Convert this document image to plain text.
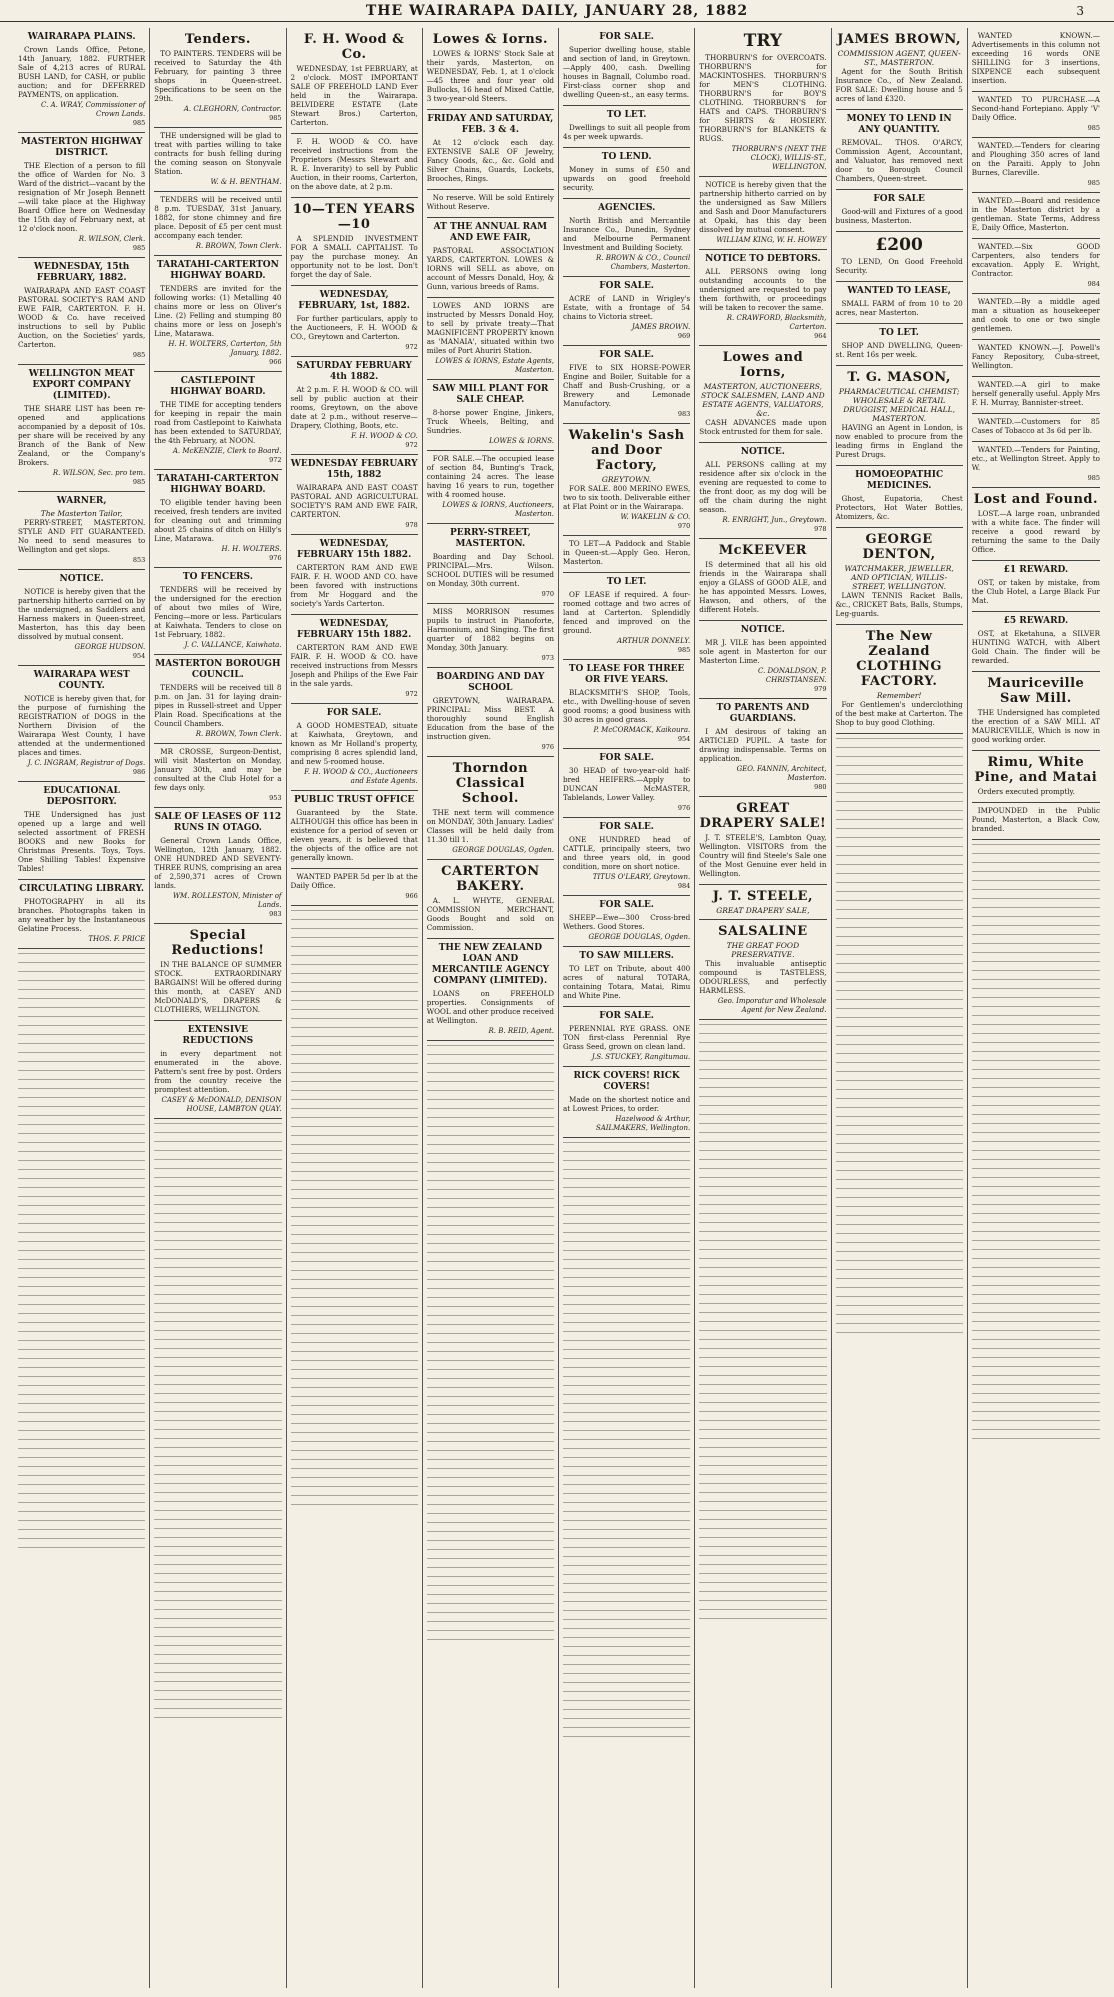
THE WAIRARAPA DAILY, JANUARY 28, 1882	3
WAIRARAPA PLAINS.

Crown Lands Office, Petone, 14th January, 1882. FURTHER Sale of 4,213 acres of RURAL BUSH LAND, for CASH, or public auction; and for DEFERRED PAYMENTS, on application.

C. A. WRAY, Commissioner of Crown Lands.
985
MASTERTON HIGHWAY DISTRICT.

THE Election of a person to fill the office of Warden for No. 3 Ward of the district—vacant by the resignation of Mr Joseph Bennett—will take place at the Highway Board Office here on Wednesday the 15th day of February next, at 12 o'clock noon.

R. WILSON, Clerk.
985
WEDNESDAY, 15th FEBRUARY, 1882.

WAIRARAPA AND EAST COAST PASTORAL SOCIETY'S RAM AND EWE FAIR, CARTERTON. F. H. WOOD & Co. have received instructions to sell by Public Auction, on the Societies' yards, Carterton.

985
WELLINGTON MEAT EXPORT COMPANY (LIMITED).

THE SHARE LIST has been re-opened and applications accompanied by a deposit of 10s. per share will be received by any Branch of the Bank of New Zealand, or the Company's Brokers.

R. WILSON, Sec. pro tem.
985
WARNER,
The Masterton Tailor,

PERRY-STREET, MASTERTON. STYLE AND FIT GUARANTEED. No need to send measures to Wellington and get slops.

853
NOTICE.

NOTICE is hereby given that the partnership hitherto carried on by the undersigned, as Saddlers and Harness makers in Queen-street, Masterton, has this day been dissolved by mutual consent.

GEORGE HUDSON.
954
WAIRARAPA WEST COUNTY.

NOTICE is hereby given that, for the purpose of furnishing the REGISTRATION of DOGS in the Northern Division of the Wairarapa West County, I have attended at the undermentioned places and times.

J. C. INGRAM, Registrar of Dogs.
986
EDUCATIONAL DEPOSITORY.

THE Undersigned has just opened up a large and well selected assortment of FRESH BOOKS and new Books for Christmas Presents. Toys, Toys. One Shilling Tables! Expensive Tables!

CIRCULATING LIBRARY.

PHOTOGRAPHY in all its branches. Photographs taken in any weather by the Instantaneous Gelatine Process.

THOS. F. PRICE
Tenders.

TO PAINTERS. TENDERS will be received to Saturday the 4th February, for painting 3 three shops in Queen-street. Specifications to be seen on the 29th.

A. CLEGHORN, Contractor.
985

THE undersigned will be glad to treat with parties willing to take contracts for bush felling during the coming season on Stonyvale Station.

W. & H. BENTHAM.

TENDERS will be received until 8 p.m. TUESDAY, 31st January, 1882, for stone chimney and fire place. Deposit of £5 per cent must accompany each tender.

R. BROWN, Town Clerk.
TARATAHI-CARTERTON HIGHWAY BOARD.

TENDERS are invited for the following works: (1) Metalling 40 chains more or less on Oliver's Line. (2) Felling and stumping 80 chains more or less on Joseph's Line, Matarawa.

H. H. WOLTERS, Carterton, 5th January, 1882.
966
CASTLEPOINT HIGHWAY BOARD.

THE TIME for accepting tenders for keeping in repair the main road from Castlepoint to Kaiwhata has been extended to SATURDAY, the 4th February, at NOON.

A. McKENZIE, Clerk to Board.
972
TARATAHI-CARTERTON HIGHWAY BOARD.

TO eligible tender having been received, fresh tenders are invited for cleaning out and trimming about 25 chains of ditch on Hilly's Line, Matarawa.

H. H. WOLTERS.
976
TO FENCERS.

TENDERS will be received by the undersigned for the erection of about two miles of Wire, Fencing—more or less. Particulars at Kaiwhata. Tenders to close on 1st February, 1882.

J. C. VALLANCE, Kaiwhata.
MASTERTON BOROUGH COUNCIL.

TENDERS will be received till 8 p.m. on Jan. 31 for laying drain-pipes in Russell-street and Upper Plain Road. Specifications at the Council Chambers.

R. BROWN, Town Clerk.

MR CROSSE, Surgeon-Dentist, will visit Masterton on Monday, January 30th, and may be consulted at the Club Hotel for a few days only.

953
SALE OF LEASES OF 112 RUNS IN OTAGO.

General Crown Lands Office, Wellington, 12th January, 1882. ONE HUNDRED AND SEVENTY-THREE RUNS, comprising an area of 2,590,371 acres of Crown lands.

WM. ROLLESTON, Minister of Lands.
983
Special Reductions!

IN THE BALANCE OF SUMMER STOCK. EXTRAORDINARY BARGAINS! Will be offered during this month, at CASEY AND McDONALD'S, DRAPERS & CLOTHIERS, WELLINGTON.

EXTENSIVE REDUCTIONS

in every department not enumerated in the above. Pattern's sent free by post. Orders from the country receive the promptest attention.

CASEY & McDONALD, DENISON HOUSE, LAMBTON QUAY.
F. H. Wood & Co.

WEDNESDAY, 1st FEBRUARY, at 2 o'clock. MOST IMPORTANT SALE OF FREEHOLD LAND Ever held in the Wairarapa. BELVIDERE ESTATE (Late Stewart Bros.) Carterton, Carterton.

F. H. WOOD & CO. have received instructions from the Proprietors (Messrs Stewart and R. E. Inverarity) to sell by Public Auction, in their rooms, Carterton, on the above date, at 2 p.m.

10—TEN YEARS—10

A SPLENDID INVESTMENT FOR A SMALL CAPITALIST. To pay the purchase money. An opportunity not to be lost. Don't forget the day of Sale.

WEDNESDAY, FEBRUARY, 1st, 1882.

For further particulars, apply to the Auctioneers, F. H. WOOD & CO., Greytown and Carterton.

972
SATURDAY FEBRUARY 4th 1882.

At 2 p.m. F. H. WOOD & CO. will sell by public auction at their rooms, Greytown, on the above date at 2 p.m., without reserve—Drapery, Clothing, Boots, etc.

F. H. WOOD & CO.
972
WEDNESDAY FEBRUARY 15th, 1882

WAIRARAPA AND EAST COAST PASTORAL AND AGRICULTURAL SOCIETY'S RAM AND EWE FAIR, CARTERTON.

978
WEDNESDAY, FEBRUARY 15th 1882.

CARTERTON RAM AND EWE FAIR. F. H. WOOD AND CO. have been favored with instructions from Mr Hoggard and the society's Yards Carterton.

WEDNESDAY, FEBRUARY 15th 1882.

CARTERTON RAM AND EWE FAIR. F. H. WOOD & CO. have received instructions from Messrs Joseph and Philips of the Ewe Fair in the sale yards.

972
FOR SALE.

A GOOD HOMESTEAD, situate at Kaiwhata, Greytown, and known as Mr Holland's property, comprising 8 acres splendid land, and new 5-roomed house.

F. H. WOOD & CO., Auctioneers and Estate Agents.
PUBLIC TRUST OFFICE

Guaranteed by the State. ALTHOUGH this office has been in existence for a period of seven or eleven years, it is believed that the objects of the office are not generally known.

WANTED PAPER 5d per lb at the Daily Office.

966
Lowes & Iorns.

LOWES & IORNS' Stock Sale at their yards, Masterton, on WEDNESDAY, Feb. 1, at 1 o'clock—45 three and four year old Bullocks, 16 head of Mixed Cattle, 3 two-year-old Steers.

FRIDAY AND SATURDAY, FEB. 3 & 4.

At 12 o'clock each day. EXTENSIVE SALE OF Jewelry, Fancy Goods, &c., &c. Gold and Silver Chains, Guards, Lockets, Brooches, Rings.

No reserve. Will be sold Entirely Without Reserve.

AT THE ANNUAL RAM AND EWE FAIR,

PASTORAL ASSOCIATION YARDS, CARTERTON. LOWES & IORNS will SELL as above, on account of Messrs Donald, Hoy, & Gunn, various breeds of Rams.

LOWES AND IORNS are instructed by Messrs Donald Hoy, to sell by private treaty—That MAGNIFICENT PROPERTY known as 'MANAIA', situated within two miles of Port Ahuriri Station.

LOWES & IORNS, Estate Agents, Masterton.
SAW MILL PLANT FOR SALE CHEAP.

8-horse power Engine, Jinkers, Truck Wheels, Belting, and Sundries.

LOWES & IORNS.

FOR SALE.—The occupied lease of section 84, Bunting's Track, containing 24 acres. The lease having 16 years to run, together with 4 roomed house.

LOWES & IORNS, Auctioneers, Masterton.
PERRY-STREET, MASTERTON.

Boarding and Day School. PRINCIPAL—Mrs. Wilson. SCHOOL DUTIES will be resumed on Monday, 30th current.

970

MISS MORRISON resumes pupils to instruct in Pianoforte, Harmonium, and Singing. The first quarter of 1882 begins on Monday, 30th January.

973
BOARDING AND DAY SCHOOL

GREYTOWN, WAIRARAPA. PRINCIPAL: Miss BEST. A thoroughly sound English Education from the base of the instruction given.

976
Thorndon Classical School.

THE next term will commence on MONDAY, 30th January. Ladies' Classes will be held daily from 11.30 till 1.

GEORGE DOUGLAS, Ogden.
CARTERTON BAKERY.

A. L. WHYTE, GENERAL COMMISSION MERCHANT, Goods Bought and sold on Commission.

THE NEW ZEALAND LOAN AND MERCANTILE AGENCY COMPANY (LIMITED).

LOANS on FREEHOLD properties. Consignments of WOOL and other produce received at Wellington.

R. B. REID, Agent.
FOR SALE.

Superior dwelling house, stable and section of land, in Greytown.—Apply 400, cash. Dwelling houses in Bagnall, Columbo road. First-class corner shop and dwelling Queen-st., an easy terms.

TO LET.

Dwellings to suit all people from 4s per week upwards.

TO LEND.

Money in sums of £50 and upwards on good freehold security.

AGENCIES.

North British and Mercantile Insurance Co., Dunedin, Sydney and Melbourne Permanent Investment and Building Society.

R. BROWN & CO., Council Chambers, Masterton.
FOR SALE.

ACRE of LAND in Wrigley's Estate, with a frontage of 54 chains to Victoria street.

JAMES BROWN.
969
FOR SALE.

FIVE to SIX HORSE-POWER Engine and Boiler, Suitable for a Chaff and Bush-Crushing, or a Brewery and Lemonade Manufactory.

983
Wakelin's Sash and Door Factory,
GREYTOWN.

FOR SALE. 800 MERINO EWES, two to six tooth. Deliverable either at Flat Point or in the Wairarapa.

W. WAKELIN & CO.
970

TO LET—A Paddock and Stable in Queen-st.—Apply Geo. Heron, Masterton.

TO LET.

OF LEASE if required. A four-roomed cottage and two acres of land at Carterton. Splendidly fenced and improved on the ground.

ARTHUR DONNELY.
985
TO LEASE FOR THREE OR FIVE YEARS.

BLACKSMITH'S SHOP, Tools, etc., with Dwelling-house of seven good rooms; a good business with 30 acres in good grass.

P. McCORMACK, Kaikoura.
954
FOR SALE.

30 HEAD of two-year-old half-bred HEIFERS.—Apply to DUNCAN McMASTER, Tablelands, Lower Valley.

976
FOR SALE.

ONE HUNDRED head of CATTLE, principally steers, two and three years old, in good condition, more on short notice.

TITUS O'LEARY, Greytown.
984
FOR SALE.

SHEEP—Ewe—300 Cross-bred Wethers. Good Stores.

GEORGE DOUGLAS, Ogden.
TO SAW MILLERS.

TO LET on Tribute, about 400 acres of natural TOTARA, containing Totara, Matai, Rimu and White Pine.

FOR SALE.

PERENNIAL RYE GRASS. ONE TON first-class Perennial Rye Grass Seed, grown on clean land.

J.S. STUCKEY, Rangitumau.
RICK COVERS! RICK COVERS!

Made on the shortest notice and at Lowest Prices, to order.

Hazelwood & Arthur, SAILMAKERS, Wellington.
TRY

THORBURN'S for OVERCOATS. THORBURN'S for MACKINTOSHES. THORBURN'S for MEN'S CLOTHING. THORBURN'S for BOY'S CLOTHING. THORBURN'S for HATS and CAPS. THORBURN'S for SHIRTS & HOSIERY. THORBURN'S for BLANKETS & RUGS.

THORBURN'S (NEXT THE CLOCK), WILLIS-ST., WELLINGTON.

NOTICE is hereby given that the partnership hitherto carried on by the undersigned as Saw Millers and Sash and Door Manufacturers at Opaki, has this day been dissolved by mutual consent.

WILLIAM KING, W. H. HOWEY
NOTICE TO DEBTORS.

ALL PERSONS owing long outstanding accounts to the undersigned are requested to pay them forthwith, or proceedings will be taken to recover the same.

R. CRAWFORD, Blacksmith, Carterton.
964
Lowes and Iorns,
MASTERTON, AUCTIONEERS, STOCK SALESMEN, LAND AND ESTATE AGENTS, VALUATORS, &c.

CASH ADVANCES made upon Stock entrusted for them for sale.

NOTICE.

ALL PERSONS calling at my residence after six o'clock in the evening are requested to come to the front door, as my dog will be off the chain during the night season.

R. ENRIGHT, Jun., Greytown.
978
McKEEVER

IS determined that all his old friends in the Wairarapa shall enjoy a GLASS of GOOD ALE, and he has appointed Messrs. Lowes, Hawson, and others, of the different Hotels.

NOTICE.

MR J. VILE has been appointed sole agent in Masterton for our Masterton Lime.

C. DONALDSON, P. CHRISTIANSEN.
979
TO PARENTS AND GUARDIANS.

I AM desirous of taking an ARTICLED PUPIL. A taste for drawing indispensable. Terms on application.

GEO. FANNIN, Architect, Masterton.
980
GREAT DRAPERY SALE!

J. T. STEELE'S, Lambton Quay, Wellington. VISITORS from the Country will find Steele's Sale one of the Most Genuine ever held in Wellington.

J. T. STEELE,
GREAT DRAPERY SALE,
SALSALINE
THE GREAT FOOD PRESERVATIVE.

This invaluable antiseptic compound is TASTELESS, ODOURLESS, and perfectly HARMLESS.

Geo. Imporatur and Wholesale Agent for New Zealand.
JAMES BROWN,
COMMISSION AGENT, QUEEN-ST., MASTERTON.

Agent for the South British Insurance Co., of New Zealand. FOR SALE: Dwelling house and 5 acres of land £320.

MONEY TO LEND IN ANY QUANTITY.

REMOVAL. THOS. O'ARCY, Commission Agent, Accountant, and Valuator, has removed next door to Borough Council Chambers, Queen-street.

FOR SALE

Good-will and Fixtures of a good business, Masterton.

£200

TO LEND, On Good Freehold Security.

WANTED TO LEASE,

SMALL FARM of from 10 to 20 acres, near Masterton.

TO LET.

SHOP AND DWELLING, Queen-st. Rent 16s per week.

T. G. MASON,
PHARMACEUTICAL CHEMIST; WHOLESALE & RETAIL DRUGGIST, MEDICAL HALL, MASTERTON.

HAVING an Agent in London, is now enabled to procure from the leading firms in England the Purest Drugs.

HOMOEOPATHIC MEDICINES.

Ghost, Eupatoria, Chest Protectors, Hot Water Bottles, Atomizers, &c.

GEORGE DENTON,
WATCHMAKER, JEWELLER, AND OPTICIAN, WILLIS-STREET, WELLINGTON.

LAWN TENNIS Racket Balls, &c., CRICKET Bats, Balls, Stumps, Leg-guards.

The New Zealand CLOTHING FACTORY.
Remember!

For Gentlemen's underclothing of the best make at Carterton. The Shop to buy good Clothing.

WANTED KNOWN.—Advertisements in this column not exceeding 16 words ONE SHILLING for 3 insertions, SIXPENCE each subsequent insertion.

WANTED TO PURCHASE.—A Second-hand Fortepiano. Apply 'V' Daily Office.

985

WANTED.—Tenders for clearing and Ploughing 350 acres of land on the Paraiti. Apply to John Burnes, Clareville.

985

WANTED.—Board and residence in the Masterton district by a gentleman. State Terms, Address E, Daily Office, Masterton.

WANTED.—Six GOOD Carpenters, also tenders for excavation. Apply E. Wright, Contractor.

984

WANTED.—By a middle aged man a situation as housekeeper and cook to one or two single gentlemen.

WANTED KNOWN.—J. Powell's Fancy Repository, Cuba-street, Wellington.

WANTED.—A girl to make herself generally useful. Apply Mrs F. H. Murray, Bannister-street.

WANTED.—Customers for 85 Cases of Tobacco at 3s 6d per lb.

WANTED.—Tenders for Painting, etc., at Wellington Street. Apply to W.

985
Lost and Found.

LOST.—A large roan, unbranded with a white face. The finder will receive a good reward by returning the same to the Daily Office.

£1 REWARD.

OST, or taken by mistake, from the Club Hotel, a Large Black Fur Mat.

£5 REWARD.

OST, at Eketahuna, a SILVER HUNTING WATCH, with Albert Gold Chain. The finder will be rewarded.

Mauriceville Saw Mill.

THE Undersigned has completed the erection of a SAW MILL AT MAURICEVILLE, Which is now in good working order.

Rimu, White Pine, and Matai

Orders executed promptly.

IMPOUNDED in the Public Pound, Masterton, a Black Cow, branded.
